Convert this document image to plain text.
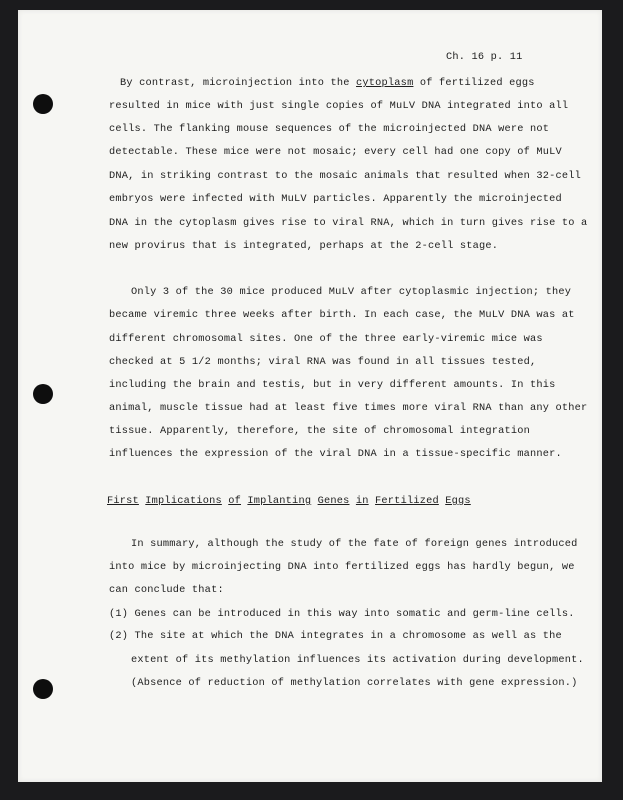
Ch. 16 p. 11
By contrast, microinjection into the cytoplasm of fertilized eggs
resulted in mice with just single copies of MuLV DNA integrated into all
cells. The flanking mouse sequences of the microinjected DNA were not
detectable. These mice were not mosaic; every cell had one copy of MuLV
DNA, in striking contrast to the mosaic animals that resulted when 32-cell
embryos were infected with MuLV particles. Apparently the microinjected
DNA in the cytoplasm gives rise to viral RNA, which in turn gives rise to a
new provirus that is integrated, perhaps at the 2-cell stage.
Only 3 of the 30 mice produced MuLV after cytoplasmic injection; they
became viremic three weeks after birth. In each case, the MuLV DNA was at
different chromosomal sites. One of the three early-viremic mice was
checked at 5 1/2 months; viral RNA was found in all tissues tested,
including the brain and testis, but in very different amounts. In this
animal, muscle tissue had at least five times more viral RNA than any other
tissue. Apparently, therefore, the site of chromosomal integration
influences the expression of the viral DNA in a tissue-specific manner.
First Implications of Implanting Genes in Fertilized Eggs
In summary, although the study of the fate of foreign genes introduced
into mice by microinjecting DNA into fertilized eggs has hardly begun, we
can conclude that:
(1) Genes can be introduced in this way into somatic and germ-line cells.
(2) The site at which the DNA integrates in a chromosome as well as the
extent of its methylation influences its activation during development.
(Absence of reduction of methylation correlates with gene expression.)
